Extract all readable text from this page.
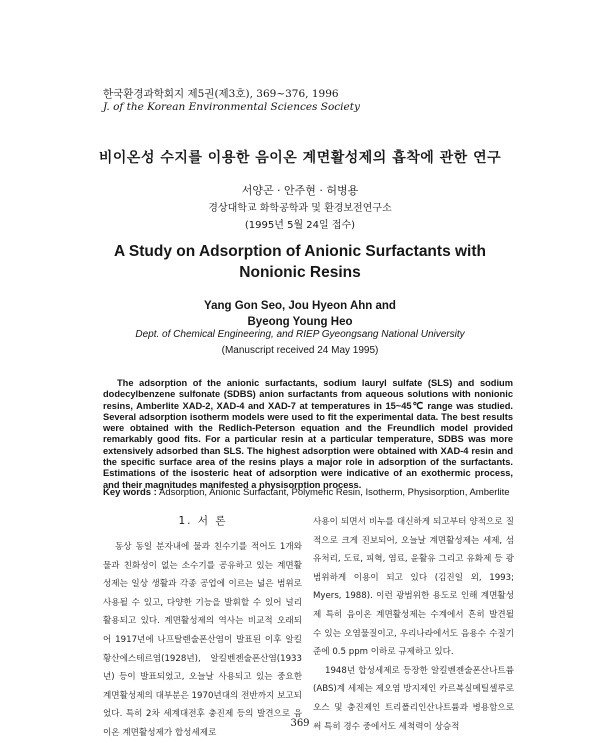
한국환경과학회지 제5권(제3호), 369~376, 1996
J. of the Korean Environmental Sciences Society
비이온성 수지를 이용한 음이온 계면활성제의 흡착에 관한 연구
서양곤 · 안주현 · 허병용
경상대학교 화학공학과 및 환경보전연구소
(1995년 5월 24일 접수)
A Study on Adsorption of Anionic Surfactants with
Nonionic Resins
Yang Gon Seo, Jou Hyeon Ahn and
Byeong Young Heo
Dept. of Chemical Engineering, and RIEP Gyeongsang National University
(Manuscript received 24 May 1995)
The adsorption of the anionic surfactants, sodium lauryl sulfate (SLS) and sodium dodecylbenzene sulfonate (SDBS) anion surfactants from aqueous solutions with nonionic resins, Amberlite XAD-2, XAD-4 and XAD-7 at temperatures in 15~45℃ range was studied. Several adsorption isotherm models were used to fit the experimental data. The best results were obtained with the Redlich-Peterson equation and the Freundlich model provided remarkably good fits. For a particular resin at a particular temperature, SDBS was more extensively adsorbed than SLS. The highest adsorption were obtained with XAD-4 resin and the specific surface area of the resins plays a major role in adsorption of the surfactants. Estimations of the isosteric heat of adsorption were indicative of an exothermic process, and their magnitudes manifested a physisorption process.
Key words : Adsorption, Anionic Surfactant, Polymeric Resin, Isotherm, Physisorption, Amberlite
1. 서 론

동상 동일 분자내에 물과 친수기를 적어도 1개와 물과 친화성이 없는 소수기를 공유하고 있는 계면활성제는 일상 생활과 각종 공업에 이르는 넓은 범위로 사용될 수 있고, 다양한 기능을 발휘할 수 있어 널리 활용되고 있다. 계면활성제의 역사는 비교적 오래되어 1917년에 나프탈렌술폰산염이 발표된 이후 알킬황산에스테르염(1928년), 알킬벤젠술폰산염(1933년) 등이 발표되었고, 오늘날 사용되고 있는 중요한 계면활성제의 대부분은 1970년대의 전반까지 보고되었다. 특히 2차 세계대전후 충진제 등의 발견으로 음이온 계면활성제가 합성세제로

사용이 되면서 비누를 대신하게 되고부터 양적으로 질적으로 크게 진보되어, 오늘날 계면활성제는 세제, 섬유처리, 도료, 피혁, 염료, 윤활유 그리고 유화제 등 광범위하게 이용이 되고 있다 (김진일 외, 1993; Myers, 1988). 이런 광범위한 용도로 인해 계면활성제 특히 음이온 계면활성제는 수계에서 흔히 발견될 수 있는 오염물질이고, 우리나라에서도 음용수 수질기준에 0.5 ppm 이하로 규제하고 있다.

1948년 합성세제로 등장한 알킬벤젠술폰산나트륨(ABS)계 세제는 제오염 방지제인 카르복실메틸셀루로오스 및 충진제인 트리폴리인산나트륨과 병용함으로써 특히 경수 중에서도 세척력이 상승적

369
